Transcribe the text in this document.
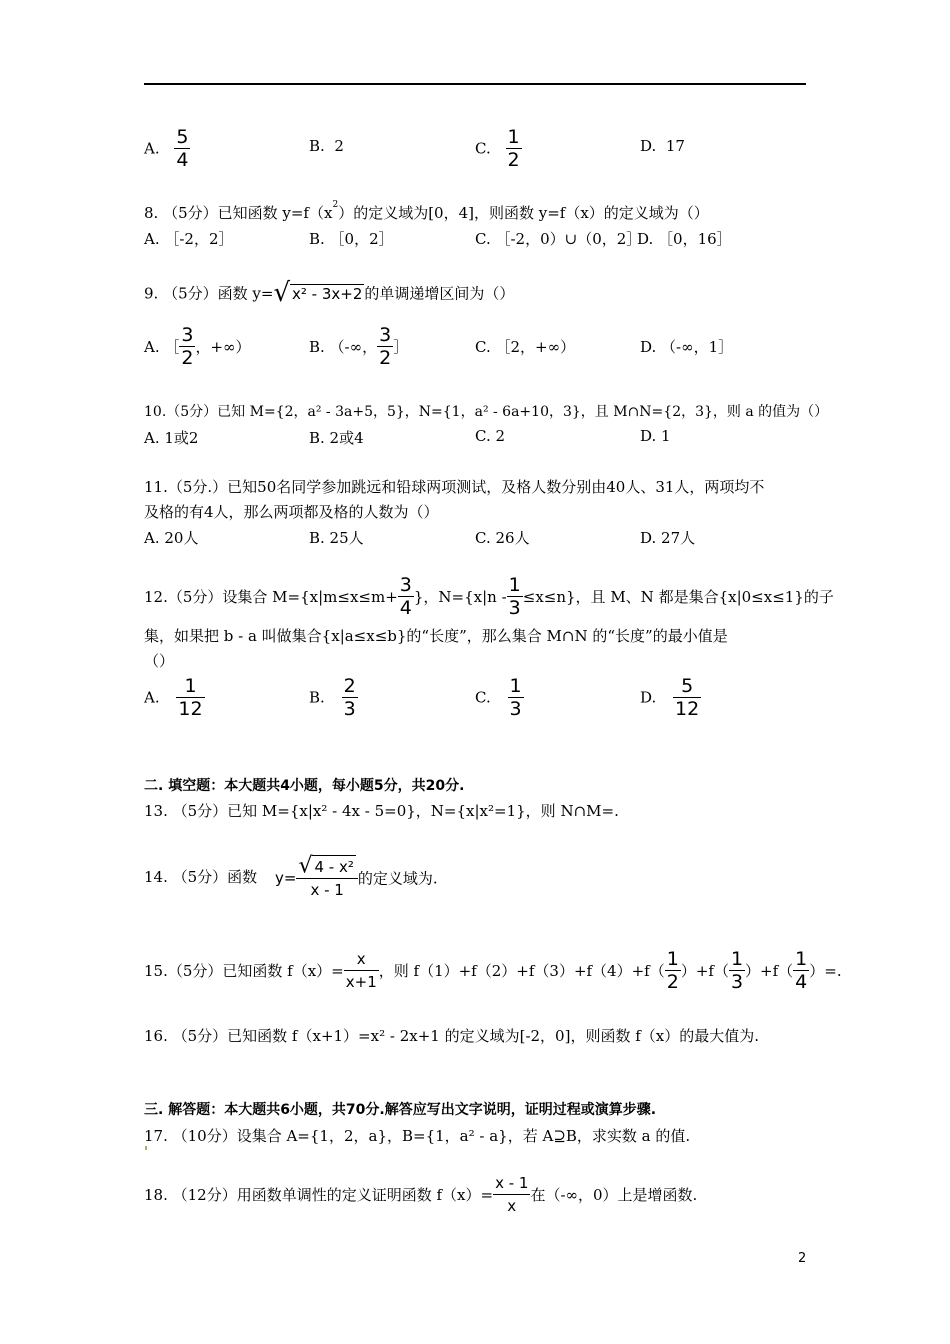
A. $\frac{5}{4}$	B. 2	C. $\frac{1}{2}$	D. 17
8. （5分）已知函数 $y=f(x^2)$的定义域为[0，4]，则函数 y=f（x）的定义域为（）
A. ［-2，2］	B. ［0，2］	C. ［-2，0）∪（0，2］
D. ［0，16］
9. （5分）函数 y=√ x² - 3x+2 的单调递增区间为（）
A. ［ $\frac{3}{2}$ ，+∞）	B. （-∞， $\frac{3}{2}$ ］	C. ［2，+∞）	D. （-∞，1］
10.（5分）已知 M={2，a² - 3a+5，5}，N={1，a² - 6a+10，3}，且 M∩N={2，3}，则 a 的值为（）
A. 1或2	B. 2或4	C. 2	D. 1
11.（5分.）已知50名同学参加跳远和铅球两项测试，及格人数分别由40人、31人，两项均不
及格的有4人，那么两项都及格的人数为（）
A. 20人	B. 25人	C. 26人	D. 27人
12.（5分）设集合 $M=\{x|m\le x\le m+ \frac{3}{4}$ }，$N=\{x|n - \frac{1}{3} \le x\le n\}$，且 M、N 都是集合{x|0≤x≤1}的子
集，如果把 b - a 叫做集合{x|a≤x≤b}的“长度”，那么集合 M∩N 的“长度”的最小值是
（）
A. $\frac{1}{12}$	B. $\frac{2}{3}$	C. $\frac{1}{3}$	D. $\frac{5}{12}$
二. 填空题：本大题共4小题，每小题5分，共20分.
13. （5分）已知 M={x|x² - 4x - 5=0}，N={x|x²=1}，则 N∩M=.
14. （5分）函数 $y= \frac{\text{√ 4 - x²}}{x - 1}$ 的定义域为.
15.（5分）已知函数 $f(x)= \frac{x}{x+1}$ ，则 $f(1)+f(2)+f(3)+f(4)+f( \frac{1}{2} )+f( \frac{1}{3} )+f( \frac{1}{4}$ ）=.
16. （5分）已知函数 f（x+1）=x² - 2x+1 的定义域为[-2，0]，则函数 f（x）的最大值为.
三. 解答题：本大题共6小题，共70分.解答应写出文字说明，证明过程或演算步骤.
17. （10分）设集合 A={1，2，a}，B={1，a² - a}，若 A⊇B，求实数 a 的值.
18. （12分）用函数单调性的定义证明函数 $f(x)= \frac{x - 1}{x}$ 在（-∞，0）上是增函数.
2
